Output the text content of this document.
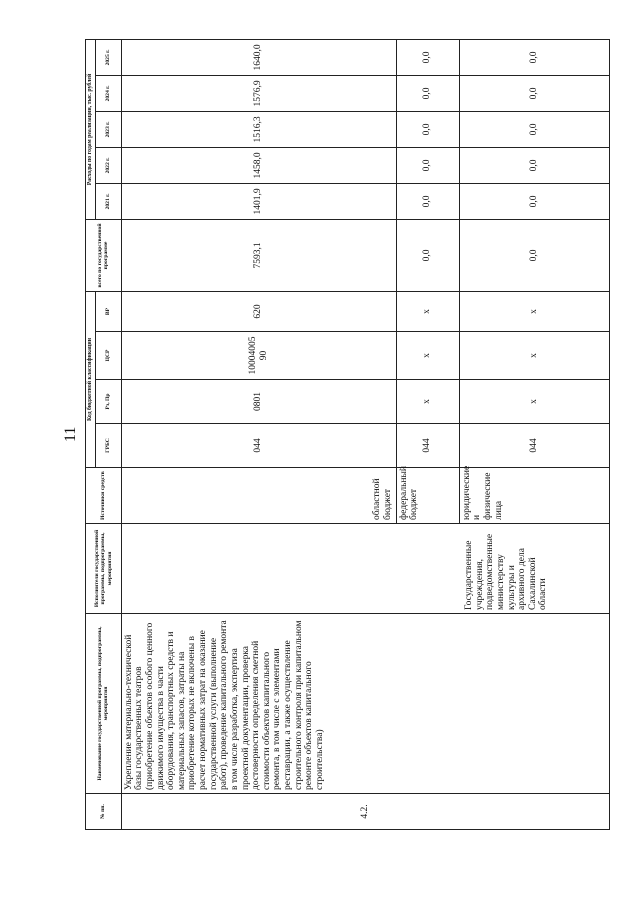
11
№ пп.	Наименование государственной программы, подпрограммы, мероприятия	Исполнители государственной программы, подпрограммы, мероприятия	Источники средств	Код бюджетной классификации				всего по государственной программе	Расходы по годам реализации, тыс. рублей				
				ГРБС	Рз, Пр	ЦСР	ВР		2021 г.	2022 г.	2023 г.	2024 г.	2025 г.
4.2.	Укрепление материально-технической базы государственных театров (приобретение объектов особого ценного движимого имущества в части оборудования, транспортных средств и материальных запасов, затраты на приобретение которых не включены в расчет нормативных затрат на оказание государственной услуги (выполнение работ), проведение капитального ремонта в том числе разработка, экспертиза проектной документации, проверка достоверности определения сметной стоимости объектов капитального ремонта, в том числе с элементами реставрации, а также осуществление строительного контроля при капитальном ремонте объектов капитального строительства)	Государственные учреждения, подведомственные министерству культуры и архивного дела Сахалинской области	областной бюджет	044	0801	1000400590	620	7593,1	1401,9	1458,0	1516,3	1576,9	1640,0
			федеральный бюджет	044	х	х	х	0,0	0,0	0,0	0,0	0,0	0,0
			юридические и физические лица	044	х	х	х	0,0	0,0	0,0	0,0	0,0	0,0
